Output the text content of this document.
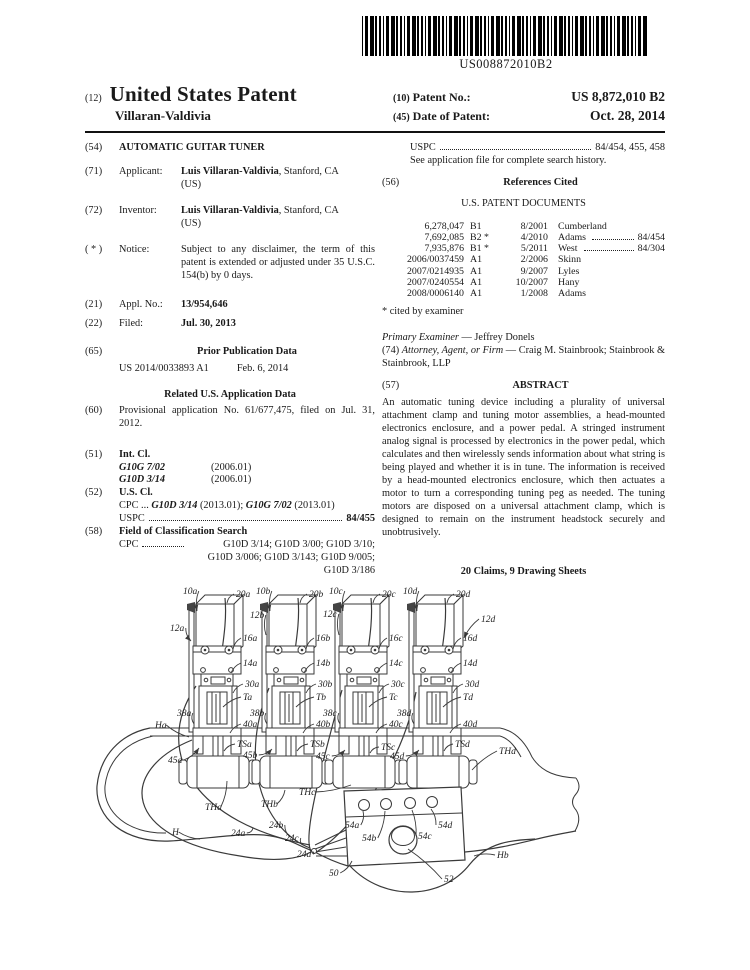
US008872010B2
(12) United States Patent	(10) Patent No.:	US 8,872,010 B2
Villaran-Valdivia	(45) Date of Patent:	Oct. 28, 2014
(54)	AUTOMATIC GUITAR TUNER
(71)	Applicant:	Luis Villaran-Valdivia, Stanford, CA
(US)
(72)	Inventor:	Luis Villaran-Valdivia, Stanford, CA
(US)
( * )	Notice:	Subject to any disclaimer, the term of this patent is extended or adjusted under 35 U.S.C. 154(b) by 0 days.
(21)	Appl. No.:	13/954,646
(22)	Filed:	Jul. 30, 2013
(65)	Prior Publication Data
US 2014/0033893 A1	Feb. 6, 2014
Related U.S. Application Data
(60)	Provisional application No. 61/677,475, filed on Jul. 31, 2012.
(51)	Int. Cl.
G10G 7/02	(2006.01)
G10D 3/14	(2006.01)
(52)	U.S. Cl.
CPC ... G10D 3/14 (2013.01); G10G 7/02 (2013.01)
USPC	84/455
(58)	Field of Classification Search
CPC	G10D 3/14; G10D 3/00; G10D 3/10;
G10D 3/006; G10D 3/143; G10D 9/005;
G10D 3/186
USPC	84/454, 455, 458
See application file for complete search history.
(56)	References Cited
U.S. PATENT DOCUMENTS
6,278,047 B1	8/2001	Cumberland
7,692,085 B2 *	4/2010	Adams	84/454
7,935,876 B1 *	5/2011	West	84/304
2006/0037459 A1	2/2006	Skinn
2007/0214935 A1	9/2007	Lyles
2007/0240554 A1	10/2007	Hany
2008/0006140 A1	1/2008	Adams
* cited by examiner
Primary Examiner — Jeffrey Donels
(74) Attorney, Agent, or Firm — Craig M. Stainbrook; Stainbrook & Stainbrook, LLP
(57)	ABSTRACT
An automatic tuning device including a plurality of universal attachment clamp and tuning motor assemblies, a head-mounted electronics enclosure, and a power pedal. A stringed instrument analog signal is processed by electronics in the power pedal, which calculates and then wirelessly sends information about what string is being played and whether it is in tune. The information is received by a head-mounted electronics enclosure, which then actuates a motor to turn a corresponding tuning peg as needed. The tuning motors are disposed on a universal attachment clamp, which is designed to remain on the instrument headstock securely and unobtrusively.
20 Claims, 9 Drawing Sheets
10a	20a
12a
16a
14a
30a
Ta
38a
40a
TSa
45a
THa
10b	20b
12b
16b
14b
30b
Tb
38b
40b
TSb
45b
THb
10c	20c
12c
16c
14c
30c
Tc
38c
40c
TSc
45c
THc
10d	20d
12d
16d
14d
30d
Td
38d
40d
TSd
45d	THd
Ha
H
Hb
24a
24b
24c
24d
54a
54b	54c
54d
50
52
